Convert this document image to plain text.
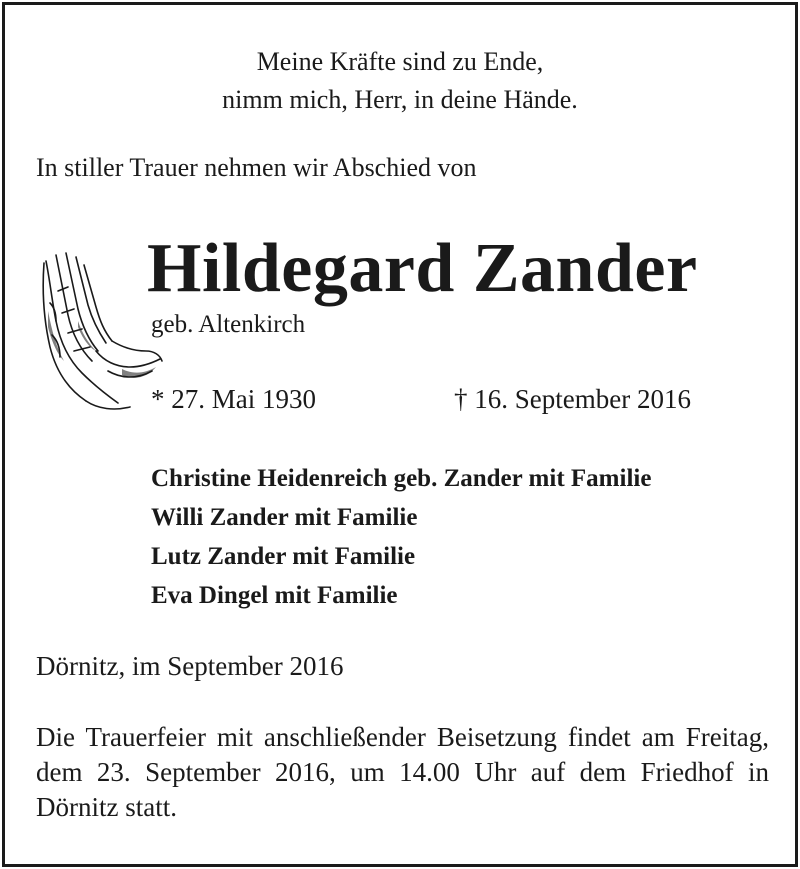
Meine Kräfte sind zu Ende,
nimm mich, Herr, in deine Hände.
In stiller Trauer nehmen wir Abschied von
Hildegard Zander
geb. Altenkirch
* 27. Mai 1930	† 16. September 2016
Christine Heidenreich geb. Zander mit Familie
Willi Zander mit Familie
Lutz Zander mit Familie
Eva Dingel mit Familie
Dörnitz, im September 2016
Die Trauerfeier mit anschließender Beisetzung findet am Freitag, dem 23. September 2016, um 14.00 Uhr auf dem Friedhof in Dörnitz statt.
